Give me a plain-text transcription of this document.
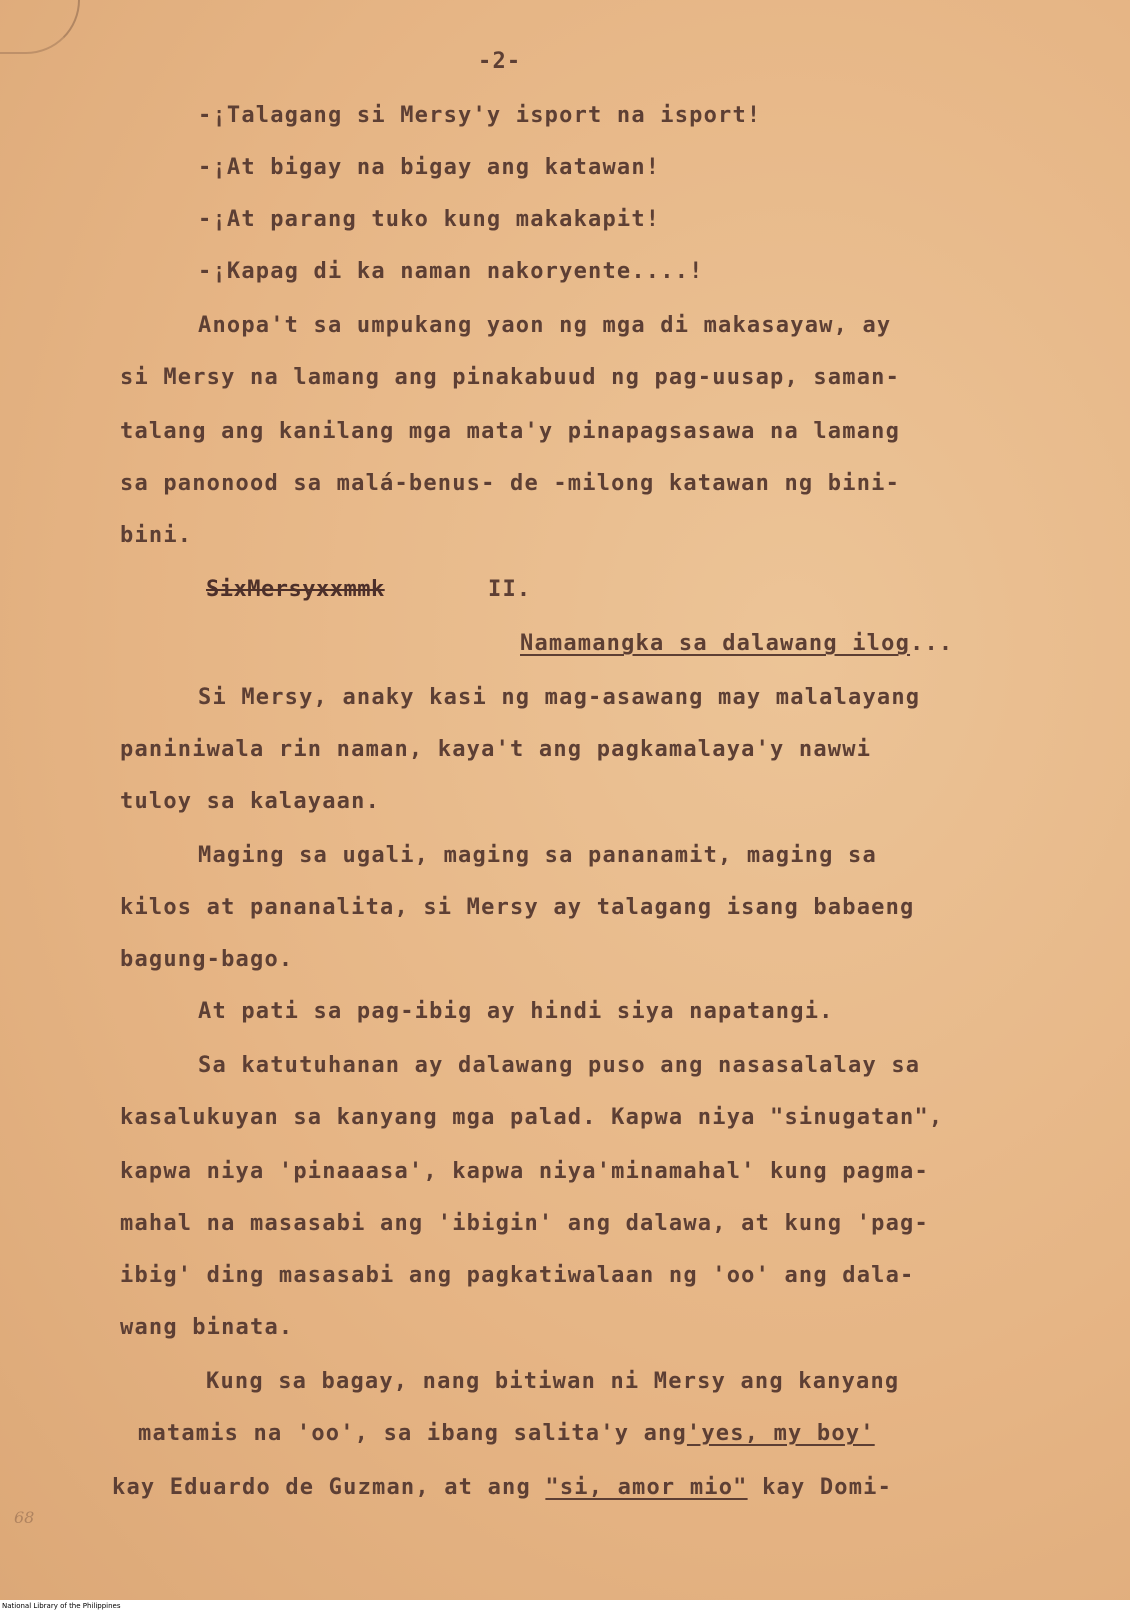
-2-
-¡Talagang si Mersy'y isport na isport!
-¡At bigay na bigay ang katawan!
-¡At parang tuko kung makakapit!
-¡Kapag di ka naman nakoryente....!
Anopa't sa umpukang yaon ng mga di makasayaw, ay
si Mersy na lamang ang pinakabuud ng pag-uusap, saman-
talang ang kanilang mga mata'y pinapagsasawa na lamang
sa panonood sa malá-benus- de -milong katawan ng bini-
bini.
SixMersyxxmmk	II.
Namamangka sa dalawang ilog...
Si Mersy, anaky kasi ng mag-asawang may malalayang
paniniwala rin naman, kaya't ang pagkamalaya'y nawwi
tuloy sa kalayaan.
Maging sa ugali, maging sa pananamit, maging sa
kilos at pananalita, si Mersy ay talagang isang babaeng
bagung-bago.
At pati sa pag-ibig ay hindi siya napatangi.
Sa katutuhanan ay dalawang puso ang nasasalalay sa
kasalukuyan sa kanyang mga palad. Kapwa niya "sinugatan",
kapwa niya 'pinaaasa', kapwa niya'minamahal' kung pagma-
mahal na masasabi ang 'ibigin' ang dalawa, at kung 'pag-
ibig' ding masasabi ang pagkatiwalaan ng 'oo' ang dala-
wang binata.
Kung sa bagay, nang bitiwan ni Mersy ang kanyang
matamis na 'oo', sa ibang salita'y ang'yes, my boy'
kay Eduardo de Guzman, at ang "si, amor mio" kay Domi-
68
National Library of the Philippines
